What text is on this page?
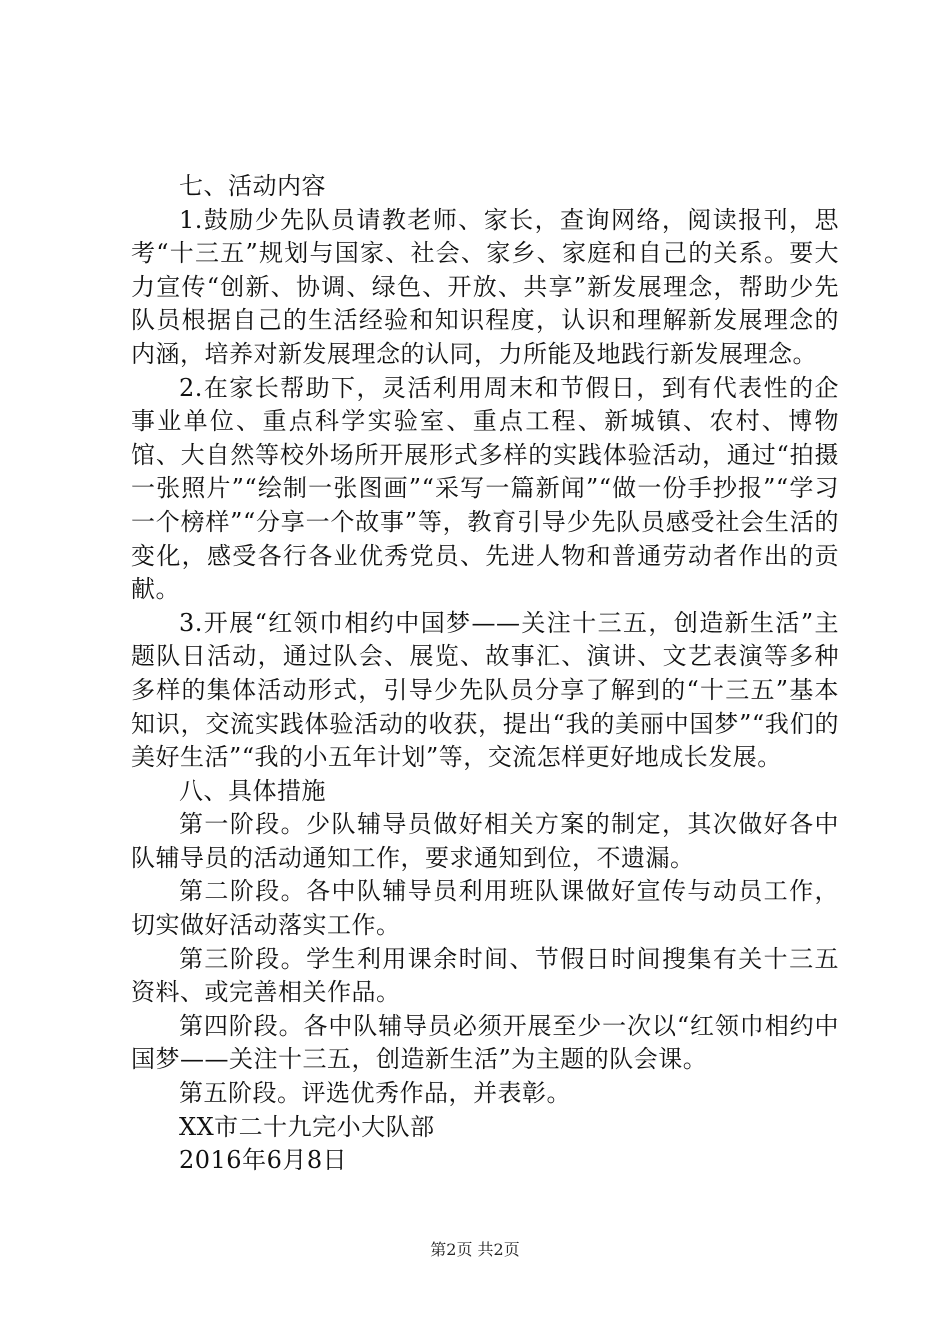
七、活动内容

1.鼓励少先队员请教老师、家长，查询网络，阅读报刊，思考“十三五”规划与国家、社会、家乡、家庭和自己的关系。要大力宣传“创新、协调、绿色、开放、共享”新发展理念，帮助少先队员根据自己的生活经验和知识程度，认识和理解新发展理念的内涵，培养对新发展理念的认同，力所能及地践行新发展理念。

2.在家长帮助下，灵活利用周末和节假日，到有代表性的企事业单位、重点科学实验室、重点工程、新城镇、农村、博物馆、大自然等校外场所开展形式多样的实践体验活动，通过“拍摄一张照片”“绘制一张图画”“采写一篇新闻”“做一份手抄报”“学习一个榜样”“分享一个故事”等，教育引导少先队员感受社会生活的变化，感受各行各业优秀党员、先进人物和普通劳动者作出的贡献。

3.开展“红领巾相约中国梦——关注十三五，创造新生活”主题队日活动，通过队会、展览、故事汇、演讲、文艺表演等多种多样的集体活动形式，引导少先队员分享了解到的“十三五”基本知识，交流实践体验活动的收获，提出“我的美丽中国梦”“我们的美好生活”“我的小五年计划”等，交流怎样更好地成长发展。

八、具体措施

第一阶段。少队辅导员做好相关方案的制定，其次做好各中队辅导员的活动通知工作，要求通知到位，不遗漏。

第二阶段。各中队辅导员利用班队课做好宣传与动员工作，切实做好活动落实工作。

第三阶段。学生利用课余时间、节假日时间搜集有关十三五资料、或完善相关作品。

第四阶段。各中队辅导员必须开展至少一次以“红领巾相约中国梦——关注十三五，创造新生活”为主题的队会课。

第五阶段。评选优秀作品，并表彰。

XX市二十九完小大队部

2016年6月8日

第2页 共2页
